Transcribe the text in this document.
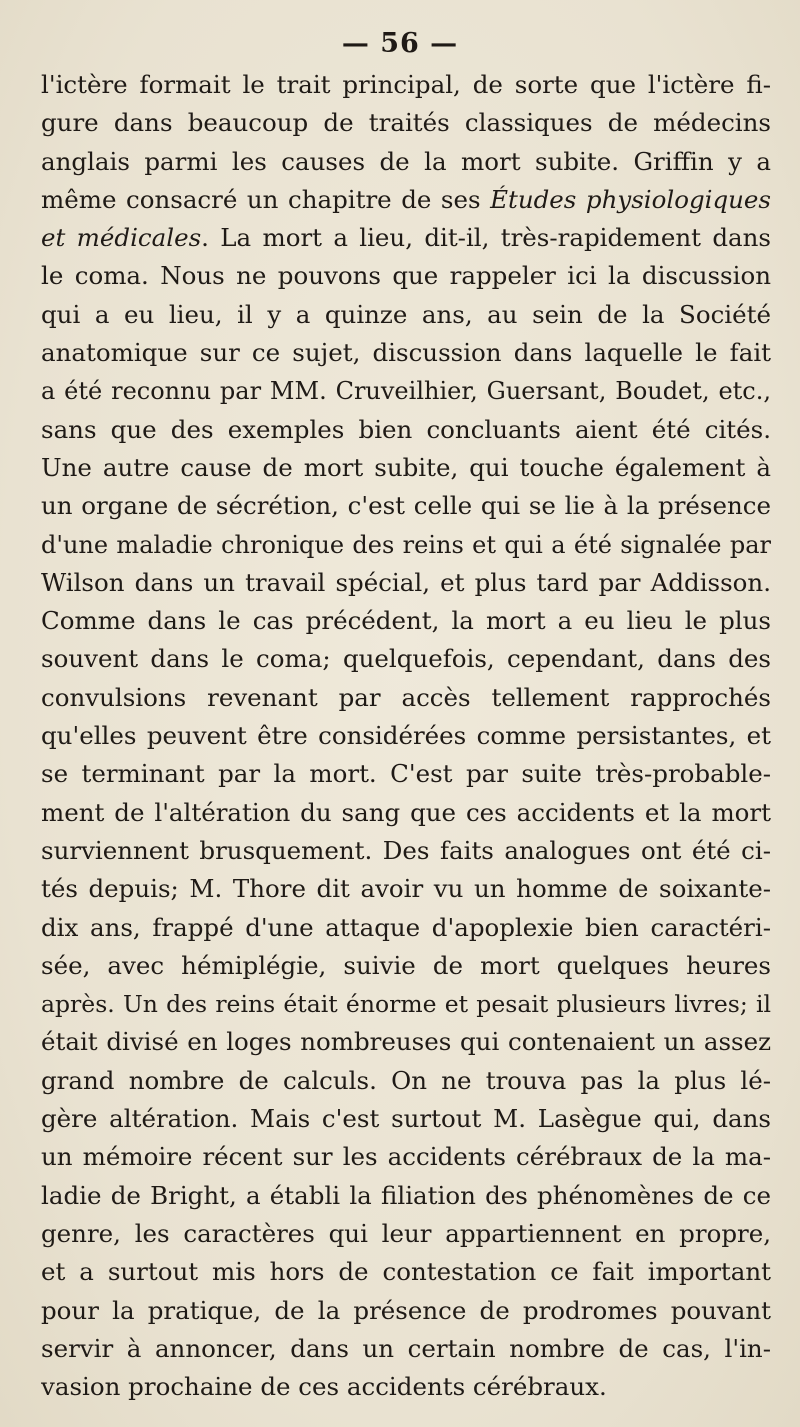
— 56 —
l'ictère formait le trait principal, de sorte que l'ictère fi-
gure dans beaucoup de traités classiques de médecins
anglais parmi les causes de la mort subite. Griffin y a
même consacré un chapitre de ses Études physiologiques
et médicales. La mort a lieu, dit-il, très-rapidement dans
le coma. Nous ne pouvons que rappeler ici la discussion
qui a eu lieu, il y a quinze ans, au sein de la Société
anatomique sur ce sujet, discussion dans laquelle le fait
a été reconnu par MM. Cruveilhier, Guersant, Boudet, etc.,
sans que des exemples bien concluants aient été cités.
Une autre cause de mort subite, qui touche également à
un organe de sécrétion, c'est celle qui se lie à la présence
d'une maladie chronique des reins et qui a été signalée par
Wilson dans un travail spécial, et plus tard par Addisson.
Comme dans le cas précédent, la mort a eu lieu le plus
souvent dans le coma; quelquefois, cependant, dans des
convulsions revenant par accès tellement rapprochés
qu'elles peuvent être considérées comme persistantes, et
se terminant par la mort. C'est par suite très-probable-
ment de l'altération du sang que ces accidents et la mort
surviennent brusquement. Des faits analogues ont été ci-
tés depuis; M. Thore dit avoir vu un homme de soixante-
dix ans, frappé d'une attaque d'apoplexie bien caractéri-
sée, avec hémiplégie, suivie de mort quelques heures
après. Un des reins était énorme et pesait plusieurs livres; il
était divisé en loges nombreuses qui contenaient un assez
grand nombre de calculs. On ne trouva pas la plus lé-
gère altération. Mais c'est surtout M. Lasègue qui, dans
un mémoire récent sur les accidents cérébraux de la ma-
ladie de Bright, a établi la filiation des phénomènes de ce
genre, les caractères qui leur appartiennent en propre,
et a surtout mis hors de contestation ce fait important
pour la pratique, de la présence de prodromes pouvant
servir à annoncer, dans un certain nombre de cas, l'in-
vasion prochaine de ces accidents cérébraux.
